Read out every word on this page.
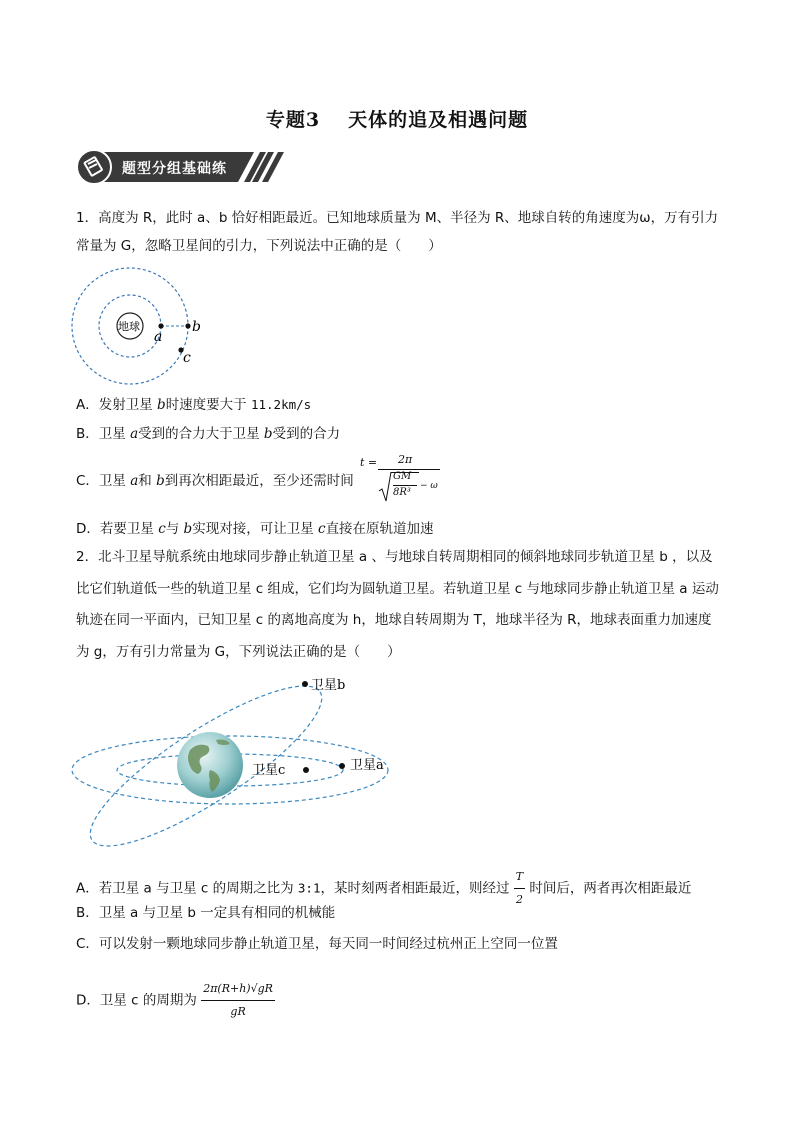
专题3 天体的追及相遇问题
题型分组基础练
1．高度为 R，此时 a、b 恰好相距最近。已知地球质量为 M、半径为 R、地球自转的角速度为ω，万有引力
常量为 G，忽略卫星间的引力，下列说法中正确的是（　　）
地球
a
b
c
A．发射卫星 b时速度要大于 11.2km/s
B．卫星 a受到的合力大于卫星 b受到的合力
C．卫星 a和 b到再次相距最近，至少还需时间
t = 2π
GM
8R³
− ω
D．若要卫星 c与 b实现对接，可让卫星 c直接在原轨道加速
2．北斗卫星导航系统由地球同步静止轨道卫星 a 、与地球自转周期相同的倾斜地球同步轨道卫星 b ，以及
比它们轨道低一些的轨道卫星 c 组成，它们均为圆轨道卫星。若轨道卫星 c 与地球同步静止轨道卫星 a 运动
轨迹在同一平面内，已知卫星 c 的离地高度为 h，地球自转周期为 T，地球半径为 R，地球表面重力加速度
为 g，万有引力常量为 G，下列说法正确的是（　　）
卫星b
卫星a
卫星c
A．若卫星 a 与卫星 c 的周期之比为 3:1，某时刻两者相距最近，则经过 $\frac{T}{2}$ 时间后，两者再次相距最近
B．卫星 a 与卫星 b 一定具有相同的机械能
C．可以发射一颗地球同步静止轨道卫星，每天同一时间经过杭州正上空同一位置
D．卫星 c 的周期为 $\frac{2\pi(R+h)√gR}{gR}$
